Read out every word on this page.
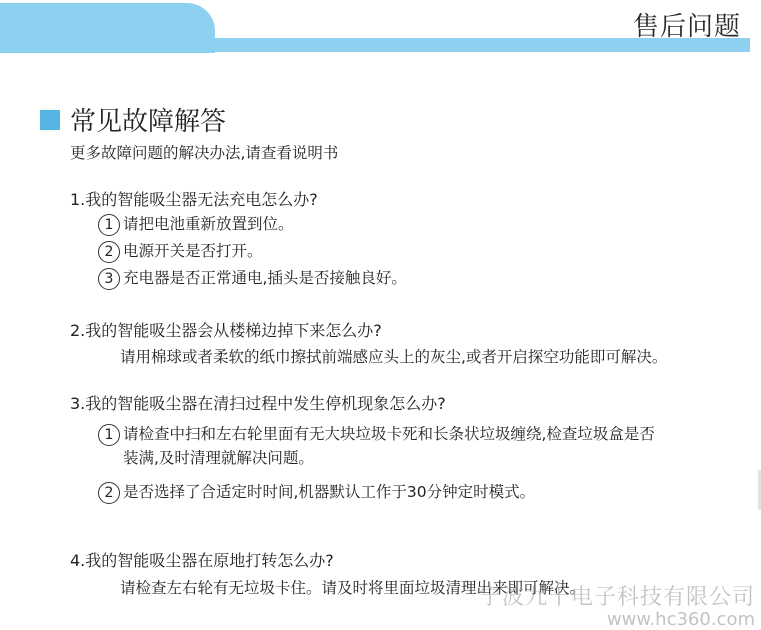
售后问题
常见故障解答
更多故障问题的解决办法,请查看说明书
1.我的智能吸尘器无法充电怎么办?
1 请把电池重新放置到位。
2 电源开关是否打开。
3 充电器是否正常通电,插头是否接触良好。
2.我的智能吸尘器会从楼梯边掉下来怎么办?
请用棉球或者柔软的纸巾擦拭前端感应头上的灰尘,或者开启探空功能即可解决。
3.我的智能吸尘器在清扫过程中发生停机现象怎么办?
1 请检查中扫和左右轮里面有无大块垃圾卡死和长条状垃圾缠绕,检查垃圾盒是否
装满,及时清理就解决问题。
2 是否选择了合适定时时间,机器默认工作于30分钟定时模式。
4.我的智能吸尘器在原地打转怎么办?
请检查左右轮有无垃圾卡住。请及时将里面垃圾清理出来即可解决。
宁波九千电子科技有限公司
www.hc360.com
